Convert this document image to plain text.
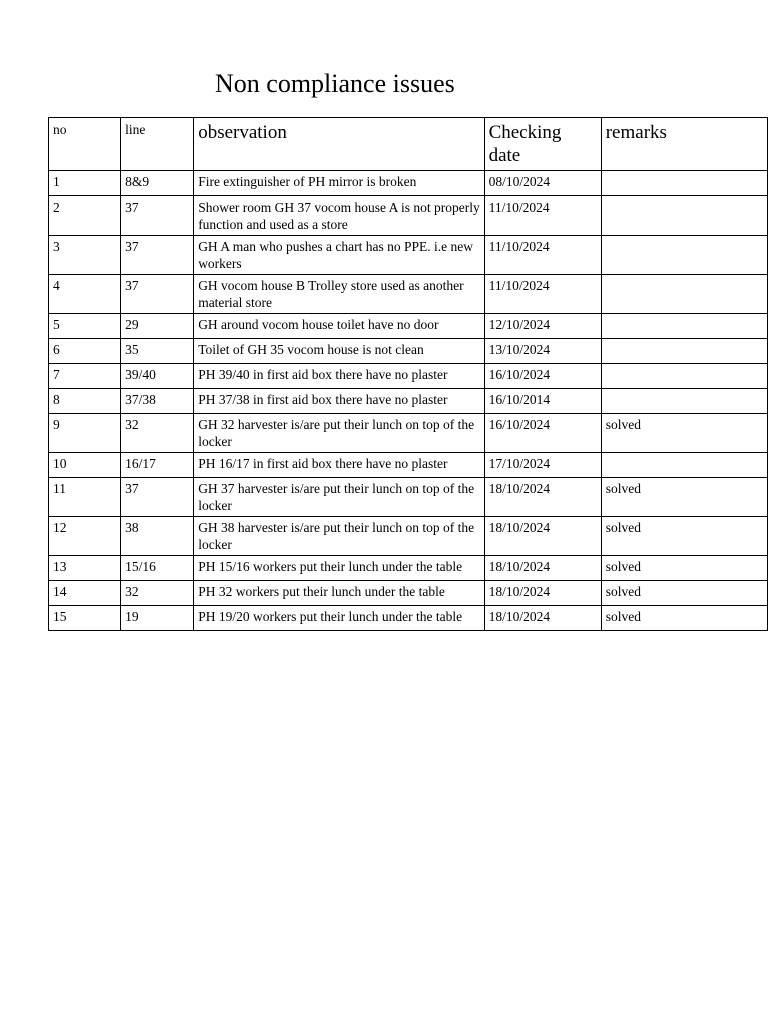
Non compliance issues
no	line	observation	Checking date	remarks
1	8&9	Fire extinguisher of PH mirror is broken	08/10/2024	
2	37	Shower room GH 37 vocom house A is not properly function and used as a store	11/10/2024	
3	37	GH A man who pushes a chart has no PPE. i.e new workers	11/10/2024	
4	37	GH vocom house B Trolley store used as another material store	11/10/2024	
5	29	GH around vocom house toilet have no door	12/10/2024	
6	35	Toilet of GH 35 vocom house is not clean	13/10/2024	
7	39/40	PH 39/40 in first aid box there have no plaster	16/10/2024	
8	37/38	PH 37/38 in first aid box there have no plaster	16/10/2014	
9	32	GH 32 harvester is/are put their lunch on top of the locker	16/10/2024	solved
10	16/17	PH 16/17 in first aid box there have no plaster	17/10/2024	
11	37	GH 37 harvester is/are put their lunch on top of the locker	18/10/2024	solved
12	38	GH 38 harvester is/are put their lunch on top of the locker	18/10/2024	solved
13	15/16	PH 15/16 workers put their lunch under the table	18/10/2024	solved
14	32	PH 32 workers put their lunch under the table	18/10/2024	solved
15	19	PH 19/20 workers put their lunch under the table	18/10/2024	solved
